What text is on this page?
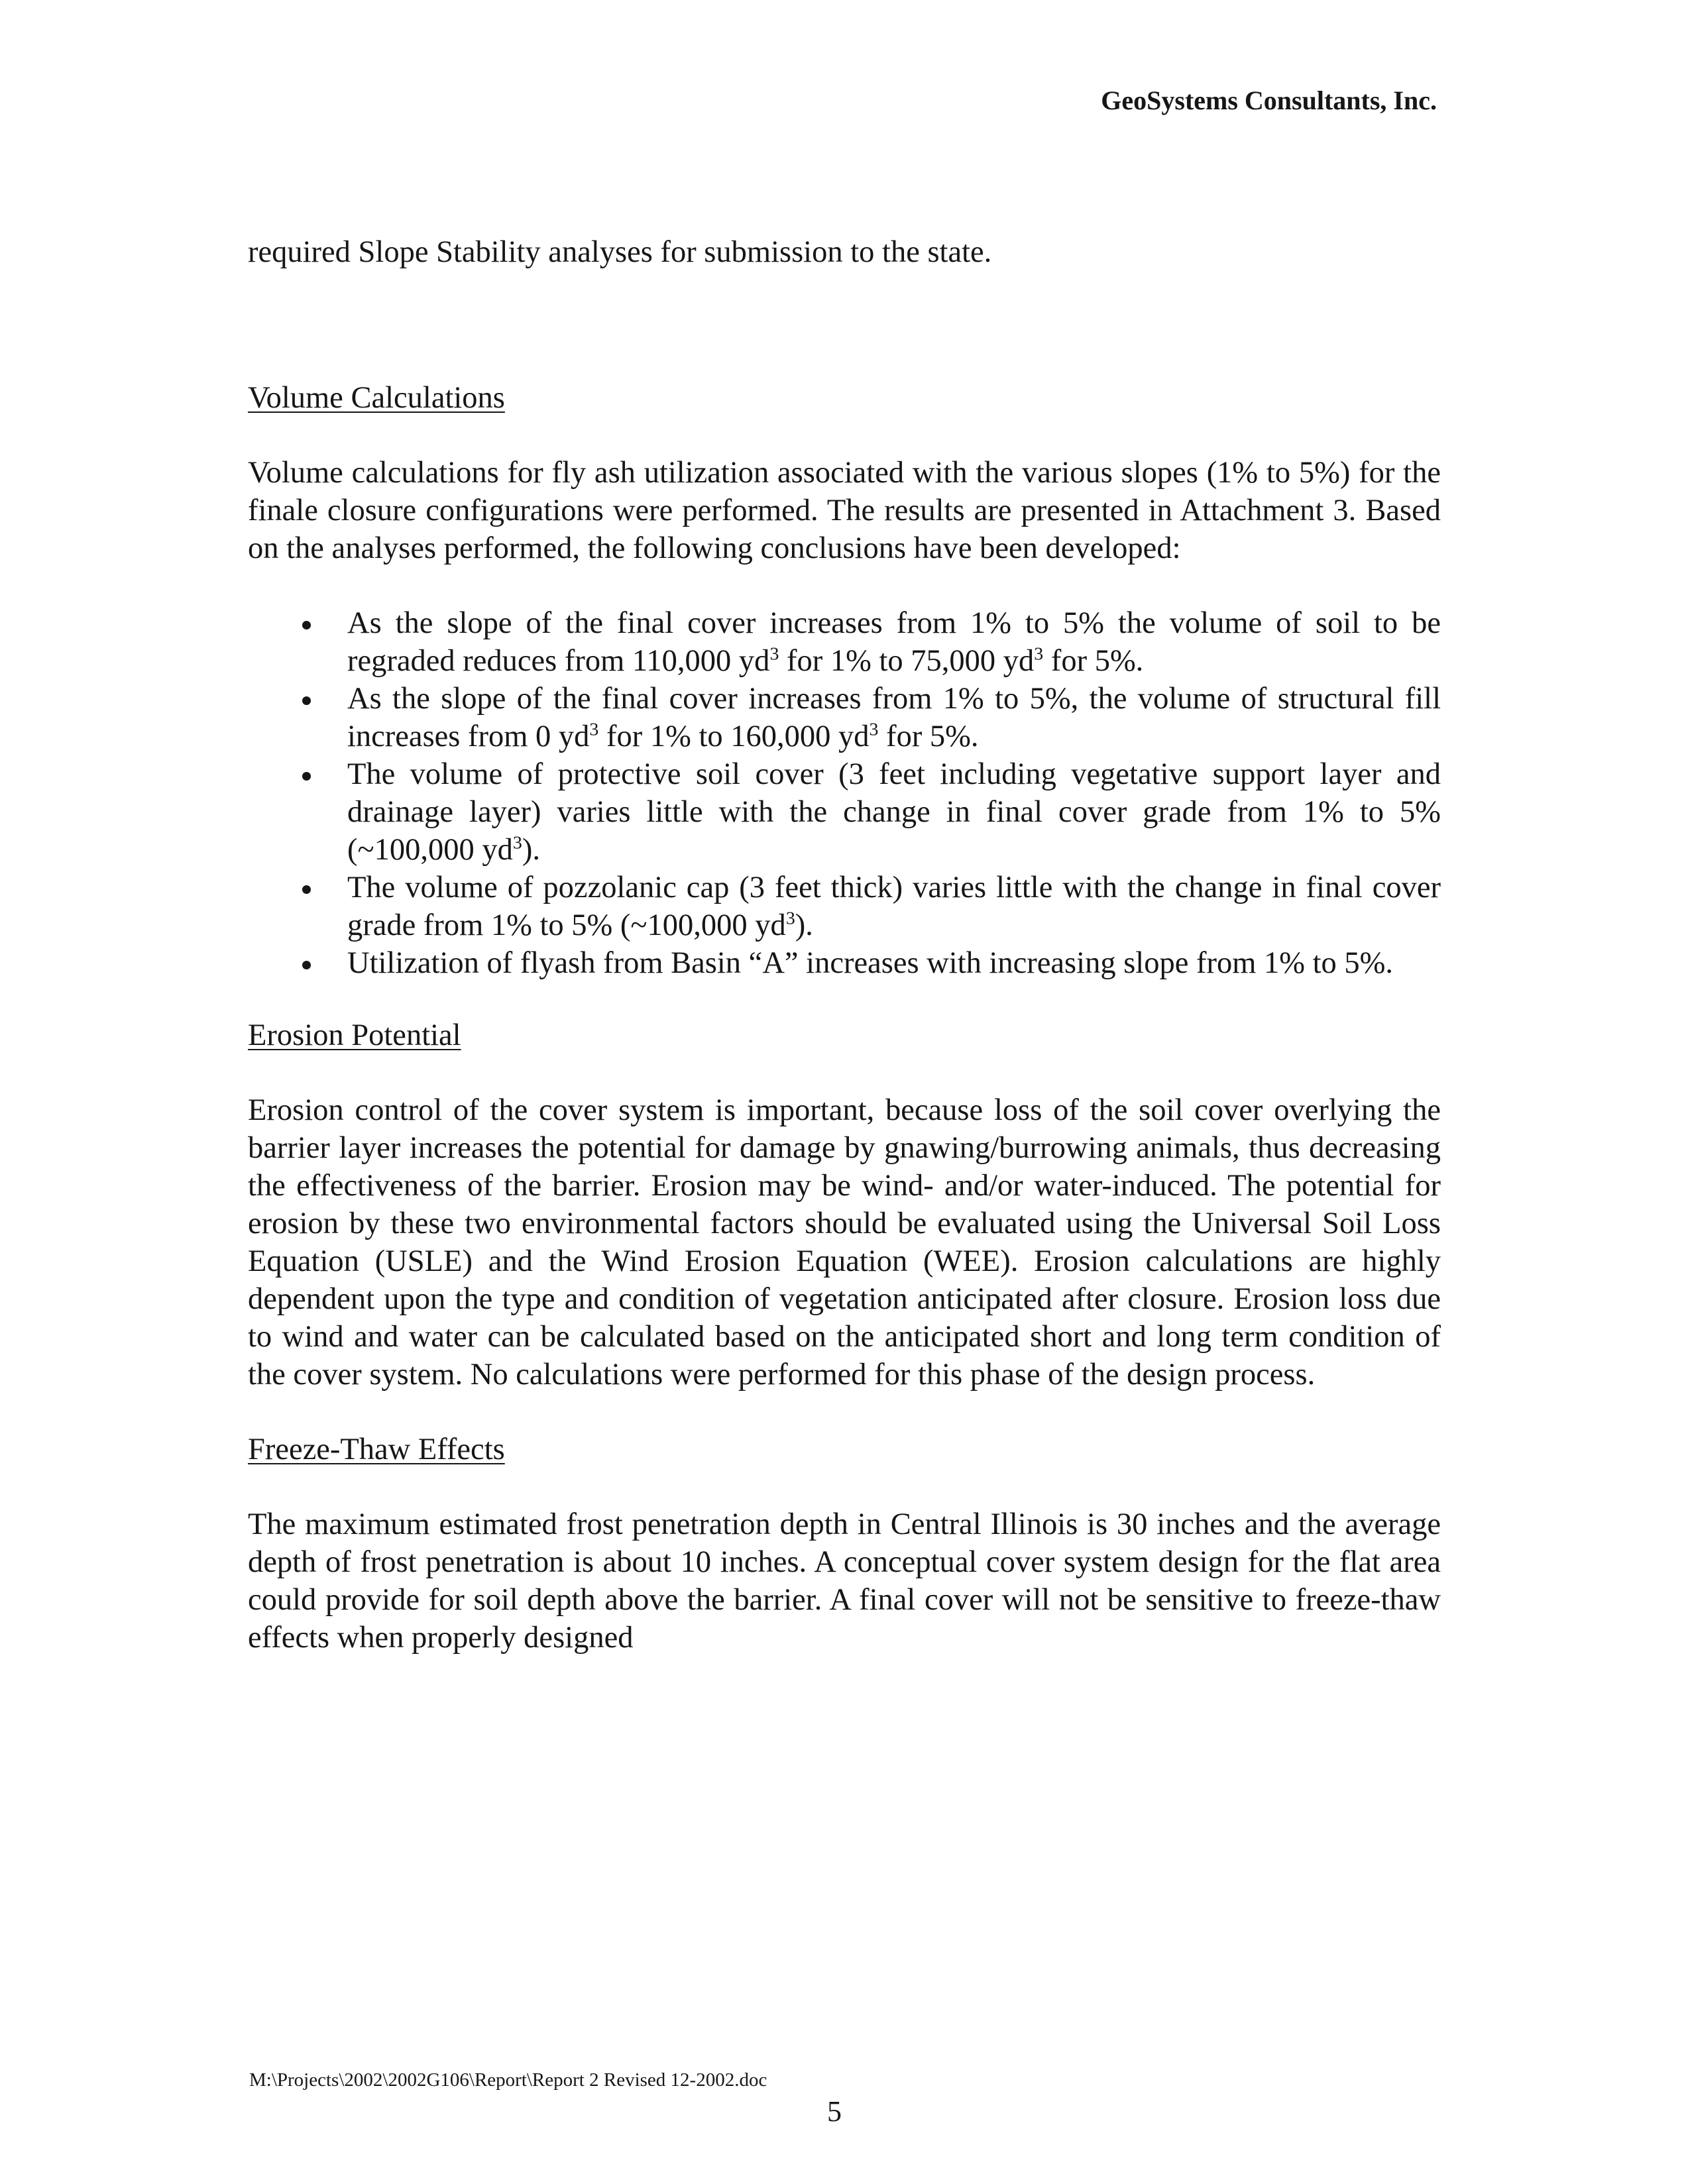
GeoSystems Consultants, Inc.

required Slope Stability analyses for submission to the state.

Volume Calculations

Volume calculations for fly ash utilization associated with the various slopes (1% to 5%) for the finale closure configurations were performed. The results are presented in Attachment 3. Based on the analyses performed, the following conclusions have been developed:

As the slope of the final cover increases from 1% to 5% the volume of soil to be regraded reduces from 110,000 $yd^3$ for 1% to 75,000 $yd^3$ for 5%.
As the slope of the final cover increases from 1% to 5%, the volume of structural fill increases from 0 $yd^3$ for 1% to 160,000 $yd^3$ for 5%.
The volume of protective soil cover (3 feet including vegetative support layer and drainage layer) varies little with the change in final cover grade from 1% to 5% (~100,000 $yd^3$).
The volume of pozzolanic cap (3 feet thick) varies little with the change in final cover grade from 1% to 5% (~100,000 $yd^3$).
Utilization of flyash from Basin “A” increases with increasing slope from 1% to 5%.
Erosion Potential

Erosion control of the cover system is important, because loss of the soil cover overlying the barrier layer increases the potential for damage by gnawing/burrowing animals, thus decreasing the effectiveness of the barrier. Erosion may be wind- and/or water-induced. The potential for erosion by these two environmental factors should be evaluated using the Universal Soil Loss Equation (USLE) and the Wind Erosion Equation (WEE). Erosion calculations are highly dependent upon the type and condition of vegetation anticipated after closure. Erosion loss due to wind and water can be calculated based on the anticipated short and long term condition of the cover system. No calculations were performed for this phase of the design process.

Freeze-Thaw Effects

The maximum estimated frost penetration depth in Central Illinois is 30 inches and the average depth of frost penetration is about 10 inches. A conceptual cover system design for the flat area could provide for soil depth above the barrier. A final cover will not be sensitive to freeze-thaw effects when properly designed

M:\Projects\2002\2002G106\Report\Report 2 Revised 12-2002.doc
5
